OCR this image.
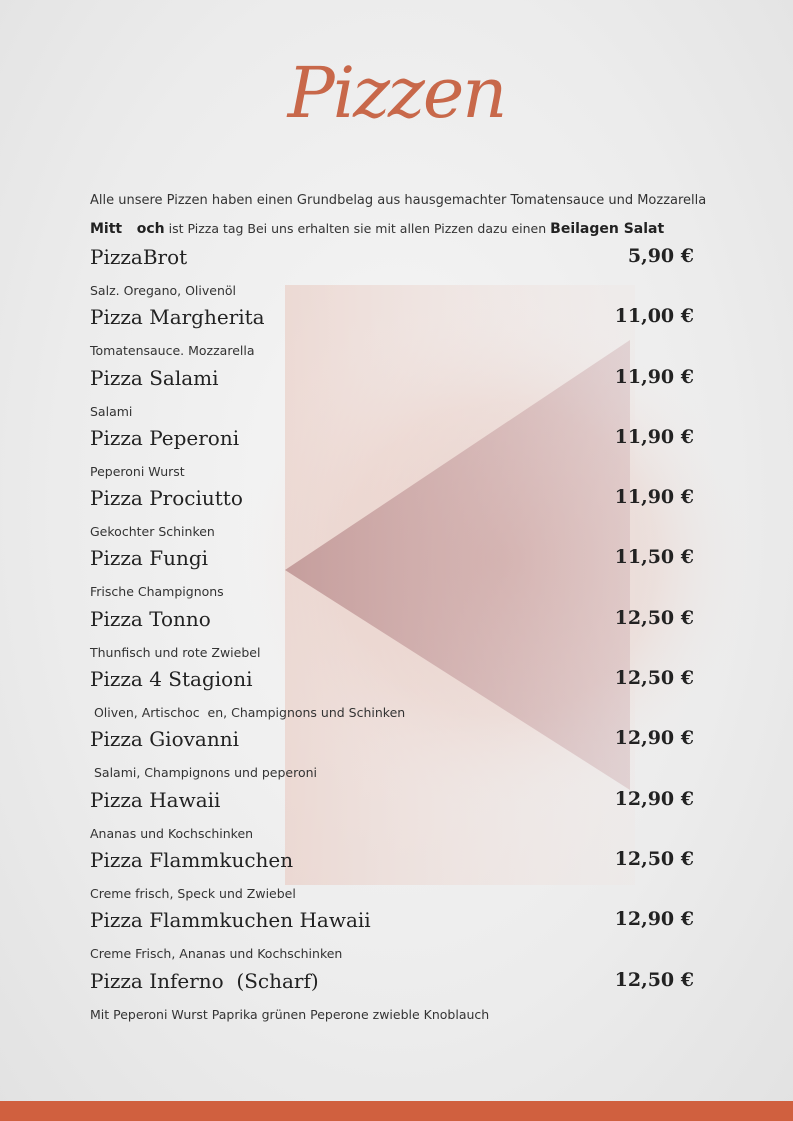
Pizzen
Alle unsere Pizzen haben einen Grundbelag aus hausgemachter Tomatensauce und Mozzarella
Mitt   och ist Pizza tag Bei uns erhalten sie mit allen Pizzen dazu einen Beilagen Salat
PizzaBrot	5,90 €
Salz. Oregano, Olivenöl
Pizza Margherita	11,00 €
Tomatensauce. Mozzarella
Pizza Salami	11,90 €
Salami
Pizza Peperoni	11,90 €
Peperoni Wurst
Pizza Prociutto	11,90 €
Gekochter Schinken
Pizza Fungi	11,50 €
Frische Champignons
Pizza Tonno	12,50 €
Thunfisch und rote Zwiebel
Pizza 4 Stagioni	12,50 €
Oliven, Artischoc  en, Champignons und Schinken
Pizza Giovanni	12,90 €
Salami, Champignons und peperoni
Pizza Hawaii	12,90 €
Ananas und Kochschinken
Pizza Flammkuchen	12,50 €
Creme frisch, Speck und Zwiebel
Pizza Flammkuchen Hawaii	12,90 €
Creme Frisch, Ananas und Kochschinken
Pizza Inferno  (Scharf)	12,50 €
Mit Peperoni Wurst Paprika grünen Peperone zwieble Knoblauch
